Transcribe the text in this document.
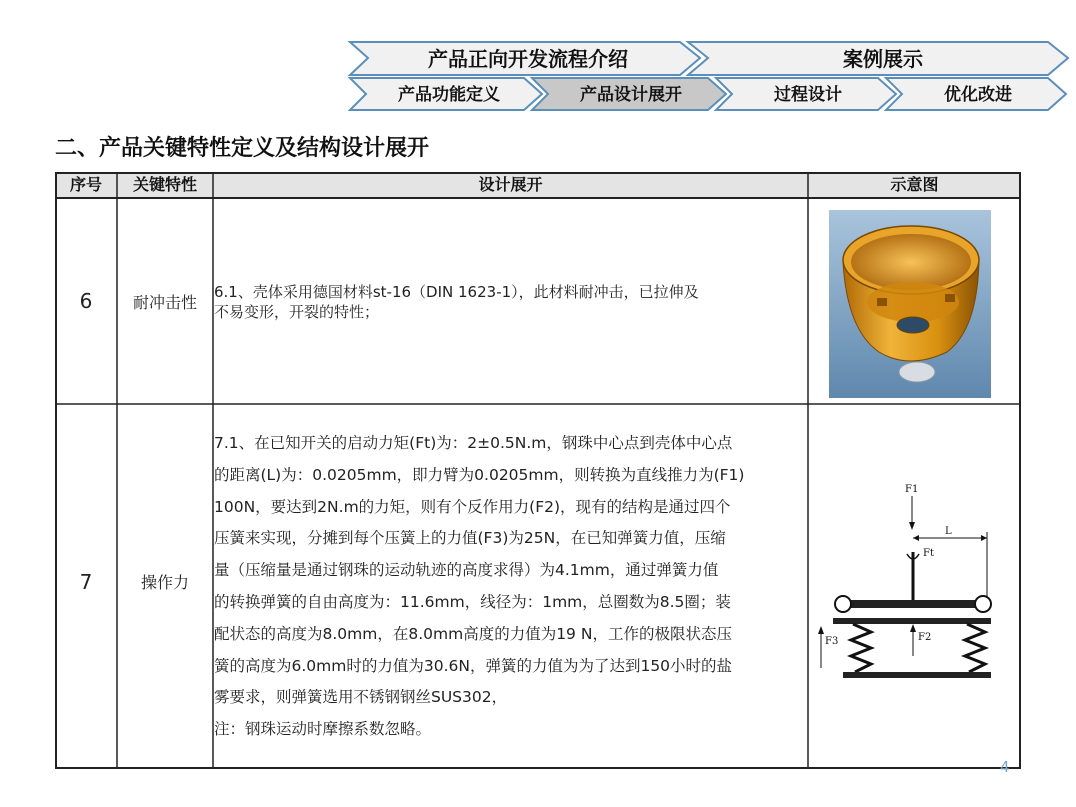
产品正向开发流程介绍	案例展示
产品功能定义	产品设计展开	过程设计	优化改进
二、产品关键特性定义及结构设计展开
序号	关键特性	设计展开	示意图
6	耐冲击性
6.1、壳体采用德国材料st-16（DIN 1623-1），此材料耐冲击，已拉伸及
不易变形，开裂的特性；
7	操作力

7.1、在已知开关的启动力矩(Ft)为：2±0.5N.m，钢珠中心点到壳体中心点

的距离(L)为：0.0205mm，即力臂为0.0205mm，则转换为直线推力为(F1)

100N，要达到2N.m的力矩，则有个反作用力(F2)，现有的结构是通过四个

压簧来实现，分摊到每个压簧上的力值(F3)为25N，在已知弹簧力值，压缩

量（压缩量是通过钢珠的运动轨迹的高度求得）为4.1mm，通过弹簧力值

的转换弹簧的自由高度为：11.6mm，线径为：1mm，总圈数为8.5圈；装

配状态的高度为8.0mm，在8.0mm高度的力值为19 N，工作的极限状态压

簧的高度为6.0mm时的力值为30.6N，弹簧的力值为为了达到150小时的盐

雾要求，则弹簧选用不锈钢钢丝SUS302，

注：钢珠运动时摩擦系数忽略。

F1
L
Ft
F2
F3
4
